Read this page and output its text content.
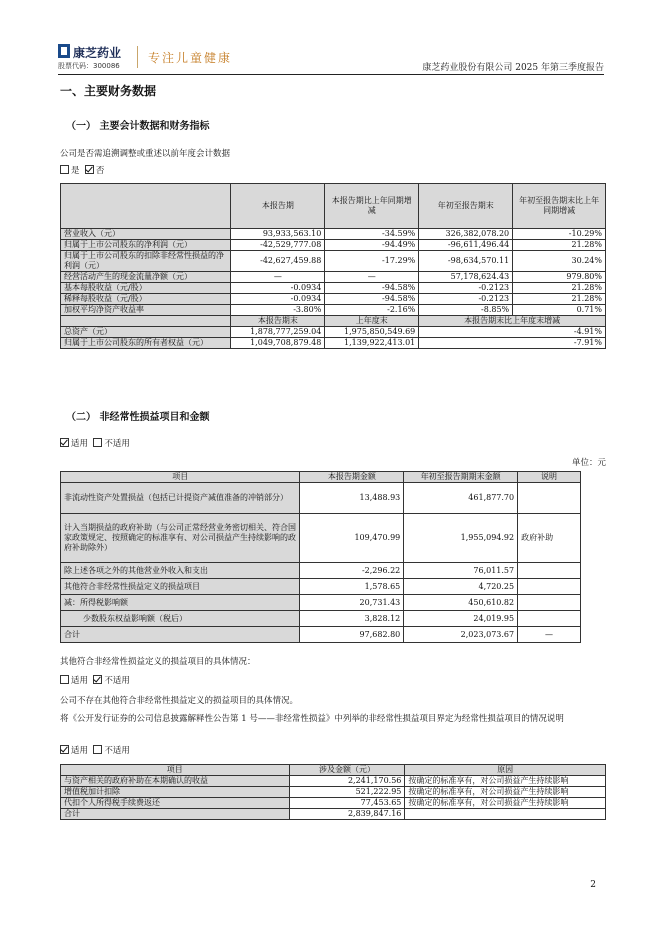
康芝药业
股票代码：300086
专注儿童健康
康芝药业股份有限公司 2025 年第三季度报告
一、主要财务数据
（一） 主要会计数据和财务指标
公司是否需追溯调整或重述以前年度会计数据
是 否
	本报告期	本报告期比上年同期增减	年初至报告期末	年初至报告期末比上年同期增减
营业收入（元）	93,933,563.10	-34.59%	326,382,078.20	-10.29%
归属于上市公司股东的净利润（元）	-42,529,777.08	-94.49%	-96,611,496.44	21.28%
归属于上市公司股东的扣除非经常性损益的净利润（元）	-42,627,459.88	-17.29%	-98,634,570.11	30.24%
经营活动产生的现金流量净额（元）	—	—	57,178,624.43	979.80%
基本每股收益（元/股）	-0.0934	-94.58%	-0.2123	21.28%
稀释每股收益（元/股）	-0.0934	-94.58%	-0.2123	21.28%
加权平均净资产收益率	-3.80%	-2.16%	-8.85%	0.71%
	本报告期末	上年度末	本报告期末比上年度末增减	
总资产（元）	1,878,777,259.04	1,975,850,549.69	-4.91%	
归属于上市公司股东的所有者权益（元）	1,049,708,879.48	1,139,922,413.01	-7.91%	
（二） 非经常性损益项目和金额
适用 不适用
单位：元
项目	本报告期金额	年初至报告期期末金额	说明
非流动性资产处置损益（包括已计提资产减值准备的冲销部分）	13,488.93	461,877.70	
计入当期损益的政府补助（与公司正常经营业务密切相关、符合国家政策规定、按照确定的标准享有、对公司损益产生持续影响的政府补助除外）	109,470.99	1,955,094.92	政府补助
除上述各项之外的其他营业外收入和支出	-2,296.22	76,011.57	
其他符合非经常性损益定义的损益项目	1,578.65	4,720.25	
减：所得税影响额	20,731.43	450,610.82	
少数股东权益影响额（税后）	3,828.12	24,019.95	
合计	97,682.80	2,023,073.67	—
其他符合非经常性损益定义的损益项目的具体情况：
适用 不适用
公司不存在其他符合非经常性损益定义的损益项目的具体情况。
将《公开发行证券的公司信息披露解释性公告第 1 号——非经常性损益》中列举的非经常性损益项目界定为经常性损益项目的情况说明
适用 不适用
项目	涉及金额（元）	原因
与资产相关的政府补助在本期确认的收益	2,241,170.56	按确定的标准享有，对公司损益产生持续影响
增值税加计扣除	521,222.95	按确定的标准享有，对公司损益产生持续影响
代扣个人所得税手续费返还	77,453.65	按确定的标准享有，对公司损益产生持续影响
合计	2,839,847.16	
2
